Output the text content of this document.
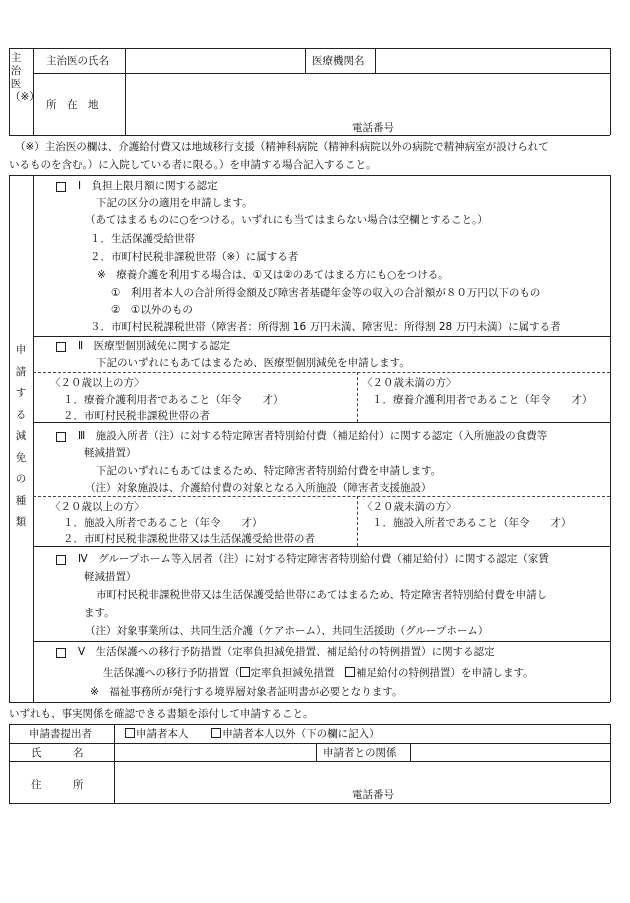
主治医（※）
主治医の氏名	医療機関名
所　在　地
電話番号
（※）主治医の欄は、介護給付費又は地域移行支援（精神科病院（精神科病院以外の病院で精神病室が設けられて
いるものを含む。）に入院している者に限る。）を申請する場合記入すること。
申請する減免の種類
Ⅰ　負担上限月額に関する認定
下記の区分の適用を申請します。
（あてはまるものに○をつける。いずれにも当てはまらない場合は空欄とすること。）
１．生活保護受給世帯
２．市町村民税非課税世帯（※）に属する者
※　療養介護を利用する場合は、①又は②のあてはまる方にも○をつける。
①　利用者本人の合計所得金額及び障害者基礎年金等の収入の合計額が８０万円以下のもの
②　①以外のもの
３．市町村民税課税世帯（障害者：所得割 16 万円未満、障害児：所得割 28 万円未満）に属する者
Ⅱ　医療型個別減免に関する認定
下記のいずれにもあてはまるため、医療型個別減免を申請します。
〈２０歳以上の方〉
１．療養介護利用者であること（年令　　才）
２．市町村民税非課税世帯の者
〈２０歳未満の方〉
１．療養介護利用者であること（年令　　才）
Ⅲ　施設入所者（注）に対する特定障害者特別給付費（補足給付）に関する認定（入所施設の食費等
軽減措置）
下記のいずれにもあてはまるため、特定障害者特別給付費を申請します。
（注）対象施設は、介護給付費の対象となる入所施設（障害者支援施設）
〈２０歳以上の方〉
１．施設入所者であること（年令　　才）
２．市町村民税非課税世帯又は生活保護受給世帯の者
〈２０歳未満の方〉
１．施設入所者であること（年令　　才）
Ⅳ　グループホーム等入居者（注）に対する特定障害者特別給付費（補足給付）に関する認定（家賃
軽減措置）
市町村民税非課税世帯又は生活保護受給世帯にあてはまるため、特定障害者特別給付費を申請し
ます。
（注）対象事業所は、共同生活介護（ケアホーム）、共同生活援助（グループホーム）
Ⅴ　生活保護への移行予防措置（定率負担減免措置、補足給付の特例措置）に関する認定
生活保護への移行予防措置（ 定率負担減免措置　補足給付の特例措置）を申請します。
※　福祉事務所が発行する境界層対象者証明書が必要となります。
いずれも、事実関係を確認できる書類を添付して申請すること。
申請書提出者	申請者本人	申請者本人以外（下の欄に記入）
氏　　　名	申請者との関係
住　　　所
電話番号
